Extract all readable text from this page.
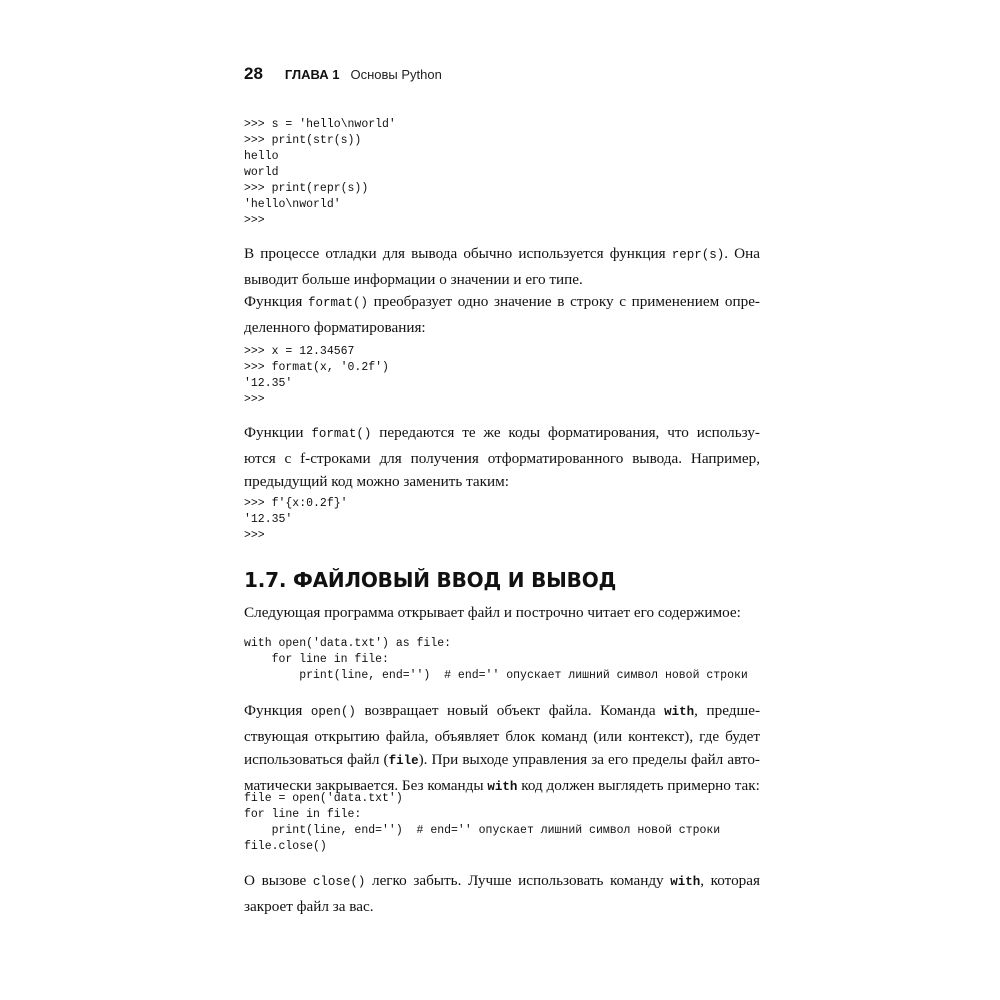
28 ГЛАВА 1 Основы Python
>>> s = 'hello\nworld'
>>> print(str(s))
hello
world
>>> print(repr(s))
'hello\nworld'
>>>

В процессе отладки для вывода обычно используется функция repr(s). Она
выводит больше информации о значении и его типе.

Функция format() преобразует одно значение в строку с применением опре-
деленного форматирования:

>>> x = 12.34567
>>> format(x, '0.2f')
'12.35'
>>>

Функции format() передаются те же коды форматирования, что использу-
ются с f-строками для получения отформатированного вывода. Например,
предыдущий код можно заменить таким:

>>> f'{x:0.2f}'
'12.35'
>>>
1.7. ФАЙЛОВЫЙ ВВОД И ВЫВОД

Следующая программа открывает файл и построчно читает его содержимое:

with open('data.txt') as file:
for line in file:
print(line, end='')  # end='' опускает лишний символ новой строки

Функция open() возвращает новый объект файла. Команда with, предше-
ствующая открытию файла, объявляет блок команд (или контекст), где будет
использоваться файл (file). При выходе управления за его пределы файл авто-
матически закрывается. Без команды with код должен выглядеть примерно так:

file = open('data.txt')
for line in file:
print(line, end='')  # end='' опускает лишний символ новой строки
file.close()

О вызове close() легко забыть. Лучше использовать команду with, которая
закроет файл за вас.
